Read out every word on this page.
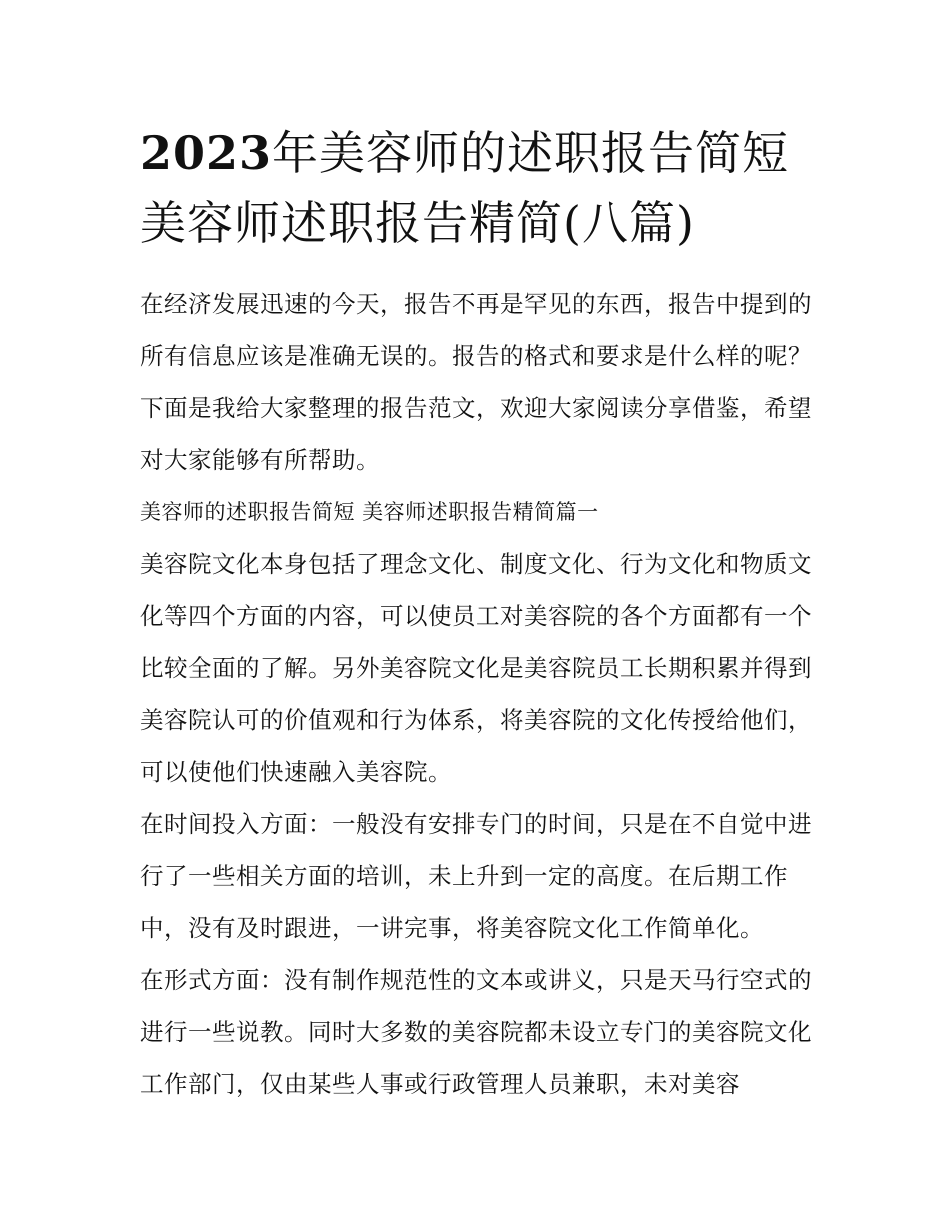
2023年美容师的述职报告简短美容师述职报告精简(八篇)

在经济发展迅速的今天，报告不再是罕见的东西，报告中提到的所有信息应该是准确无误的。报告的格式和要求是什么样的呢？下面是我给大家整理的报告范文，欢迎大家阅读分享借鉴，希望对大家能够有所帮助。

美容师的述职报告简短 美容师述职报告精简篇一

美容院文化本身包括了理念文化、制度文化、行为文化和物质文化等四个方面的内容，可以使员工对美容院的各个方面都有一个比较全面的了解。另外美容院文化是美容院员工长期积累并得到美容院认可的价值观和行为体系，将美容院的文化传授给他们，可以使他们快速融入美容院。

在时间投入方面：一般没有安排专门的时间，只是在不自觉中进行了一些相关方面的培训，未上升到一定的高度。在后期工作中，没有及时跟进，一讲完事，将美容院文化工作简单化。

在形式方面：没有制作规范性的文本或讲义，只是天马行空式的进行一些说教。同时大多数的美容院都未设立专门的美容院文化工作部门，仅由某些人事或行政管理人员兼职，未对美容
